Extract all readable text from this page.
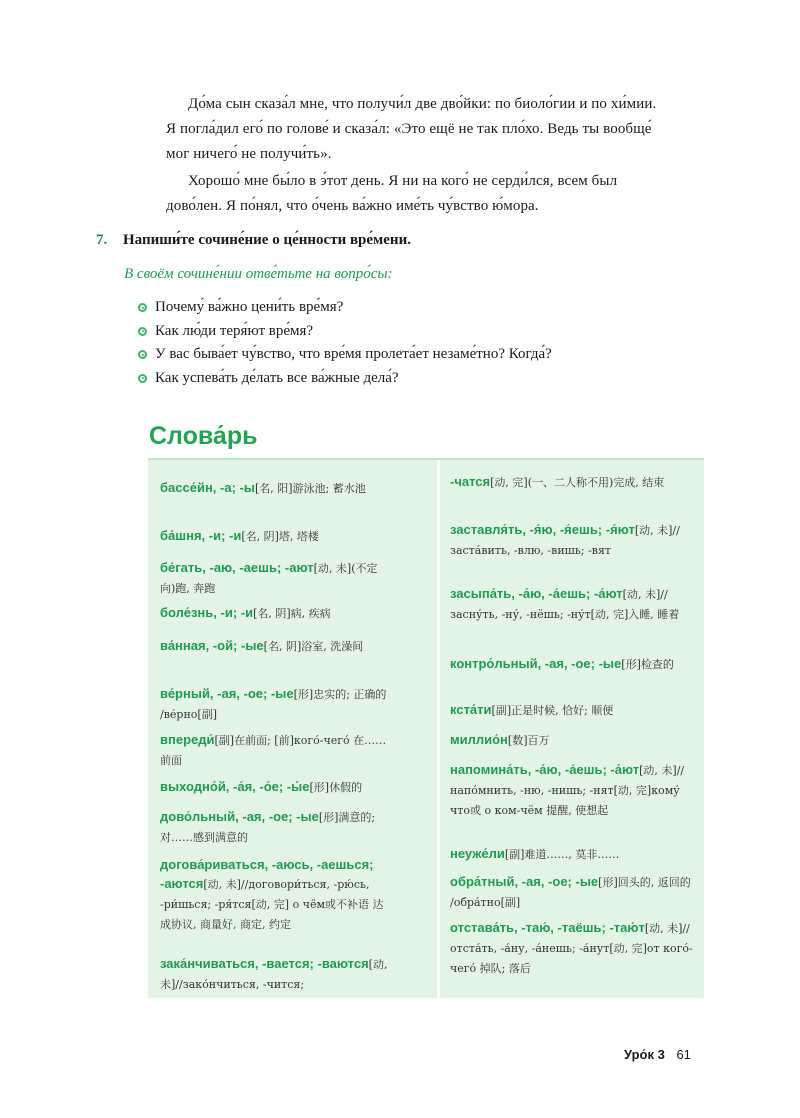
До́ма сын сказа́л мне, что получи́л две дво́йки: по биоло́гии и по хи́мии. Я погла́дил его́ по голове́ и сказа́л: «Это ещё не так пло́хо. Ведь ты вообще́ мог ничего́ не получи́ть».

Хорошо́ мне бы́ло в э́тот день. Я ни на кого́ не серди́лся, всем был дово́лен. Я по́нял, что о́чень ва́жно име́ть чу́вство ю́мора.

7. Напиши́те сочине́ние о це́нности вре́мени.
В своём сочине́нии отве́тьте на вопро́сы:
Почему́ ва́жно цени́ть вре́мя?
Как лю́ди теря́ют вре́мя?
У вас быва́ет чу́вство, что вре́мя пролета́ет незаме́тно? Когда́?
Как успева́ть де́лать все ва́жные дела́?
Слова́рь

бассе́йн, -а; -ы[名, 阳]游泳池; 蓄水池

ба́шня, -и; -и[名, 阴]塔, 塔楼

бе́гать, -аю, -аешь; -ают[动, 未](不定向)跑, 奔跑

боле́знь, -и; -и[名, 阴]病, 疾病

ва́нная, -ой; -ые[名, 阴]浴室, 洗澡间

ве́рный, -ая, -ое; -ые[形]忠实的; 正确的 /ве́рно[副]

впереди́[副]在前面; [前]кого́-чего́ 在……前面

выходно́й, -а́я, -о́е; -ы́е[形]休假的

дово́льный, -ая, -ое; -ые[形]满意的; 对……感到满意的

догова́риваться, -аюсь, -аешься; -аются[动, 未]//договори́ться, -рю́сь, -ри́шься; -ря́тся[动, 完] о чём或不补语 达成协议, 商量好, 商定, 约定

зака́нчиваться, -вается; -ваются[动, 未]//зако́нчиться, -чится;

-чатся[动, 完](一、二人称不用)完成, 结束

заставля́ть, -я́ю, -я́ешь; -я́ют[动, 未]//заста́вить, -влю, -вишь; -вят

засыпа́ть, -а́ю, -а́ешь; -а́ют[动, 未]//засну́ть, -ну́, -нёшь; -ну́т[动, 完]入睡, 睡着

контро́льный, -ая, -ое; -ые[形]检查的

кста́ти[副]正是时候, 恰好; 顺便

миллио́н[数]百万

напомина́ть, -а́ю, -а́ешь; -а́ют[动, 未]//напо́мнить, -ню, -нишь; -нят[动, 完]кому́ что或 о ком-чём 提醒, 使想起

неуже́ли[副]难道……, 莫非……

обра́тный, -ая, -ое; -ые[形]回头的, 返回的 /обра́тно[副]

отстава́ть, -таю́, -таёшь; -таю́т[动, 未]//отста́ть, -а́ну, -а́нешь; -а́нут[动, 完]от кого́-чего́ 掉队; 落后

Уро́к 3 61
